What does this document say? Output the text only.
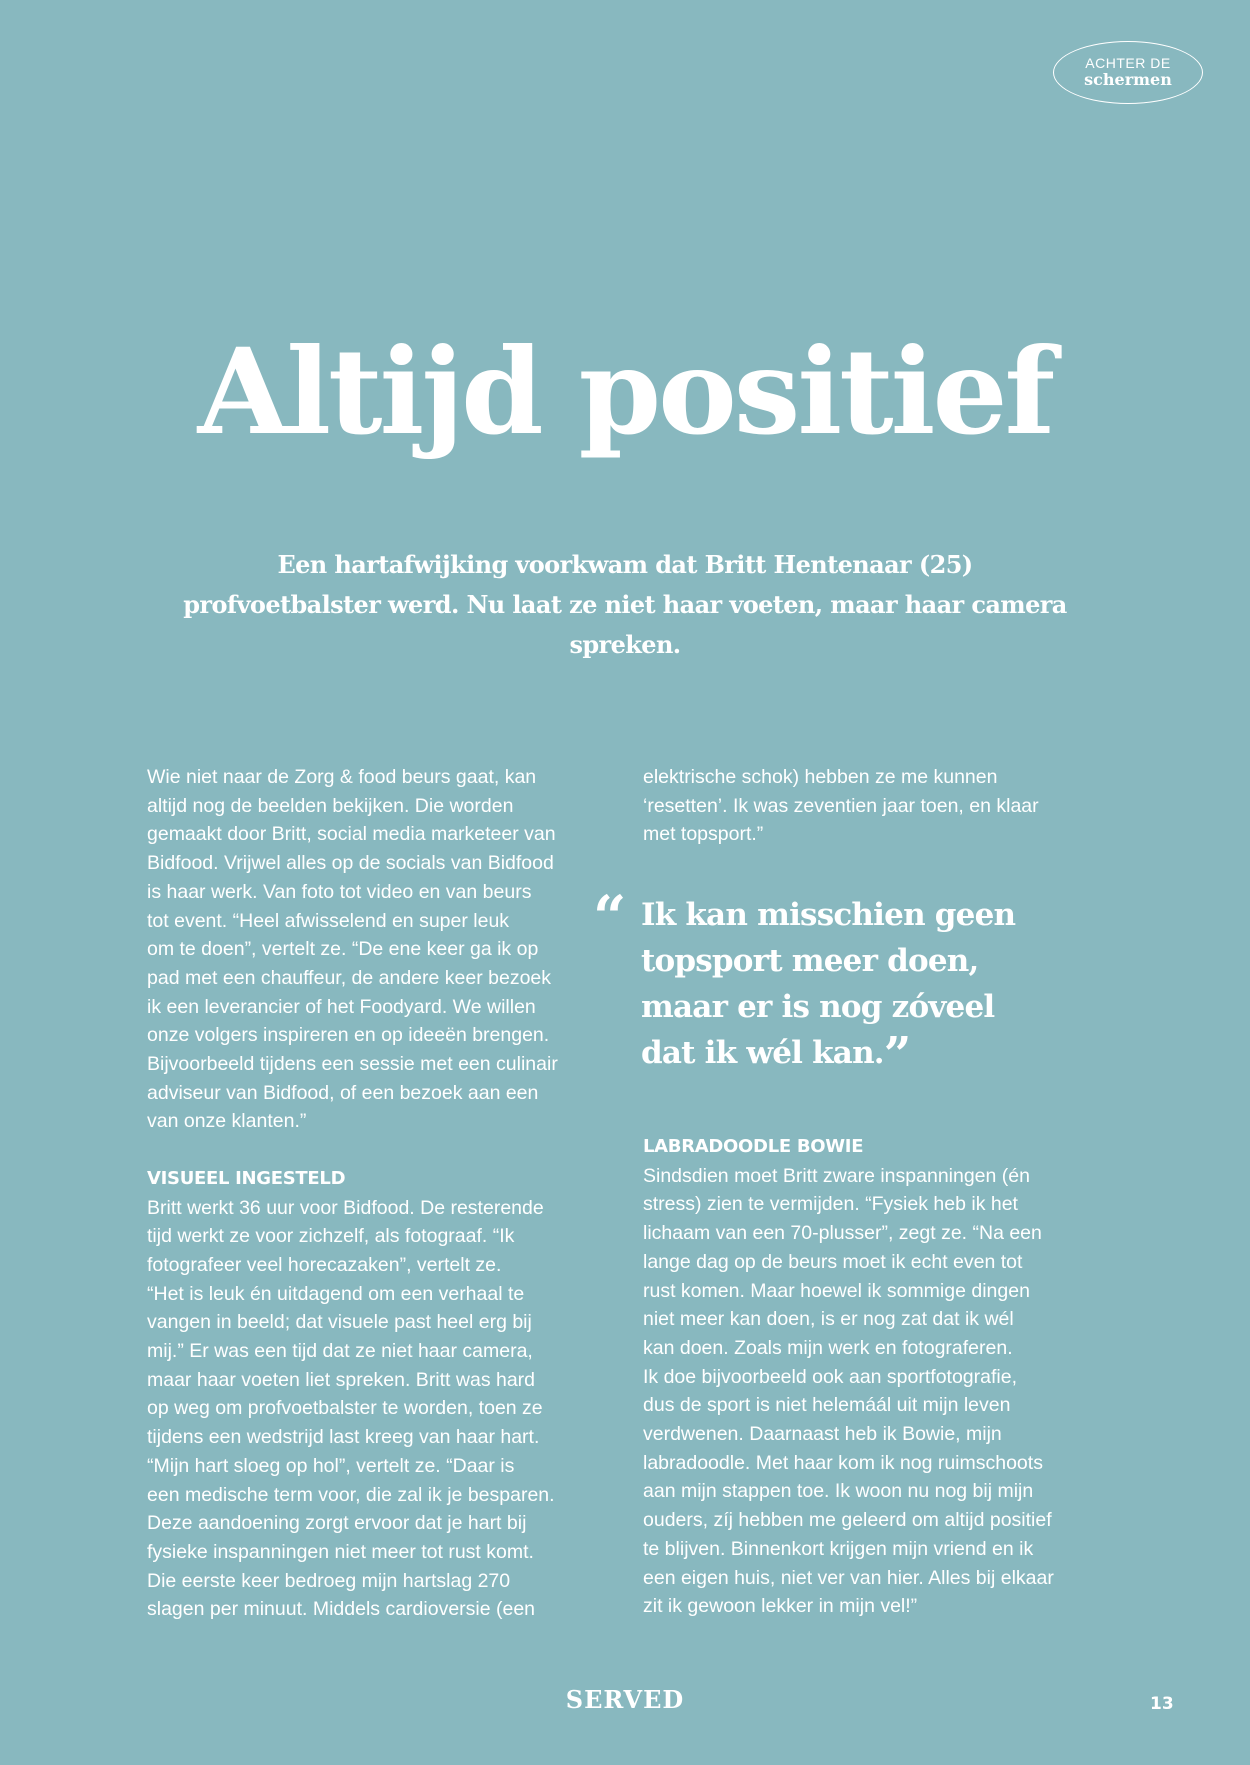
ACHTER DE
schermen
Altijd positief

Een hartafwijking voorkwam dat Britt Hentenaar (25) profvoetbalster werd. Nu laat ze niet haar voeten, maar haar camera spreken.

Wie niet naar de Zorg & food beurs gaat, kan
altijd nog de beelden bekijken. Die worden
gemaakt door Britt, social media marketeer van
Bidfood. Vrijwel alles op de socials van Bidfood
is haar werk. Van foto tot video en van beurs
tot event. “Heel afwisselend en super leuk
om te doen”, vertelt ze. “De ene keer ga ik op
pad met een chauffeur, de andere keer bezoek
ik een leverancier of het Foodyard. We willen
onze volgers inspireren en op ideeën brengen.
Bijvoorbeeld tijdens een sessie met een culinair
adviseur van Bidfood, of een bezoek aan een
van onze klanten.”

VISUEEL INGESTELD

Britt werkt 36 uur voor Bidfood. De resterende
tijd werkt ze voor zichzelf, als fotograaf. “Ik
fotografeer veel horecazaken”, vertelt ze.
“Het is leuk én uitdagend om een verhaal te
vangen in beeld; dat visuele past heel erg bij
mij.” Er was een tijd dat ze niet haar camera,
maar haar voeten liet spreken. Britt was hard
op weg om profvoetbalster te worden, toen ze
tijdens een wedstrijd last kreeg van haar hart.
“Mijn hart sloeg op hol”, vertelt ze. “Daar is
een medische term voor, die zal ik je besparen.
Deze aandoening zorgt ervoor dat je hart bij
fysieke inspanningen niet meer tot rust komt.
Die eerste keer bedroeg mijn hartslag 270
slagen per minuut. Middels cardioversie (een

elektrische schok) hebben ze me kunnen
‘resetten’. Ik was zeventien jaar toen, en klaar
met topsport.”

“ Ik kan misschien geen
topsport meer doen,
maar er is nog zóveel
dat ik wél kan.”
LABRADOODLE BOWIE

Sindsdien moet Britt zware inspanningen (én
stress) zien te vermijden. “Fysiek heb ik het
lichaam van een 70-plusser”, zegt ze. “Na een
lange dag op de beurs moet ik echt even tot
rust komen. Maar hoewel ik sommige dingen
niet meer kan doen, is er nog zat dat ik wél
kan doen. Zoals mijn werk en fotograferen.
Ik doe bijvoorbeeld ook aan sportfotografie,
dus de sport is niet helemáál uit mijn leven
verdwenen. Daarnaast heb ik Bowie, mijn
labradoodle. Met haar kom ik nog ruimschoots
aan mijn stappen toe. Ik woon nu nog bij mijn
ouders, zíj hebben me geleerd om altijd positief
te blijven. Binnenkort krijgen mijn vriend en ik
een eigen huis, niet ver van hier. Alles bij elkaar
zit ik gewoon lekker in mijn vel!”

SERVED	13
